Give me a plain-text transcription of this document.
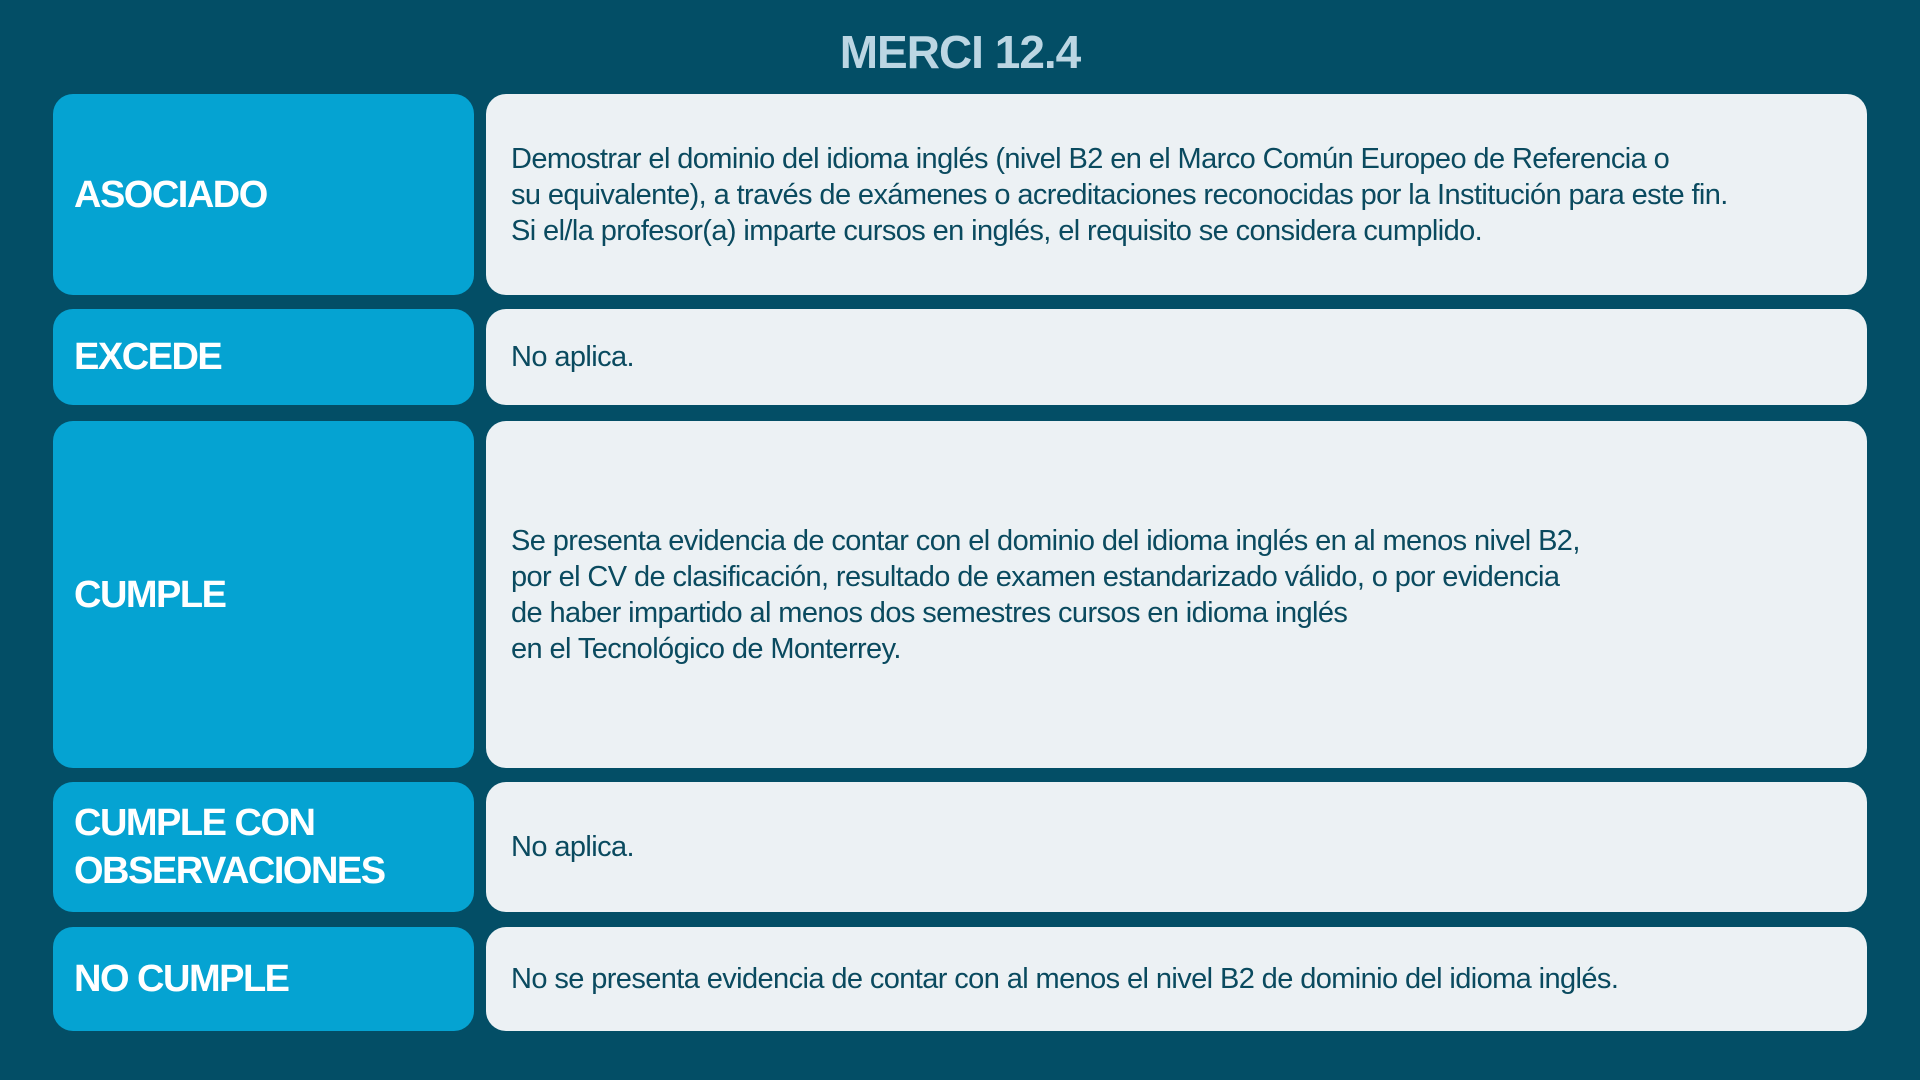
MERCI 12.4
ASOCIADO
Demostrar el dominio del idioma inglés (nivel B2 en el Marco Común Europeo de Referencia o
su equivalente), a través de exámenes o acreditaciones reconocidas por la Institución para este fin.
Si el/la profesor(a) imparte cursos en inglés, el requisito se considera cumplido.
EXCEDE	No aplica.
CUMPLE
Se presenta evidencia de contar con el dominio del idioma inglés en al menos nivel B2,
por el CV de clasificación, resultado de examen estandarizado válido, o por evidencia
de haber impartido al menos dos semestres cursos en idioma inglés
en el Tecnológico de Monterrey.
CUMPLE CON
OBSERVACIONES
No aplica.
NO CUMPLE	No se presenta evidencia de contar con al menos el nivel B2 de dominio del idioma inglés.
